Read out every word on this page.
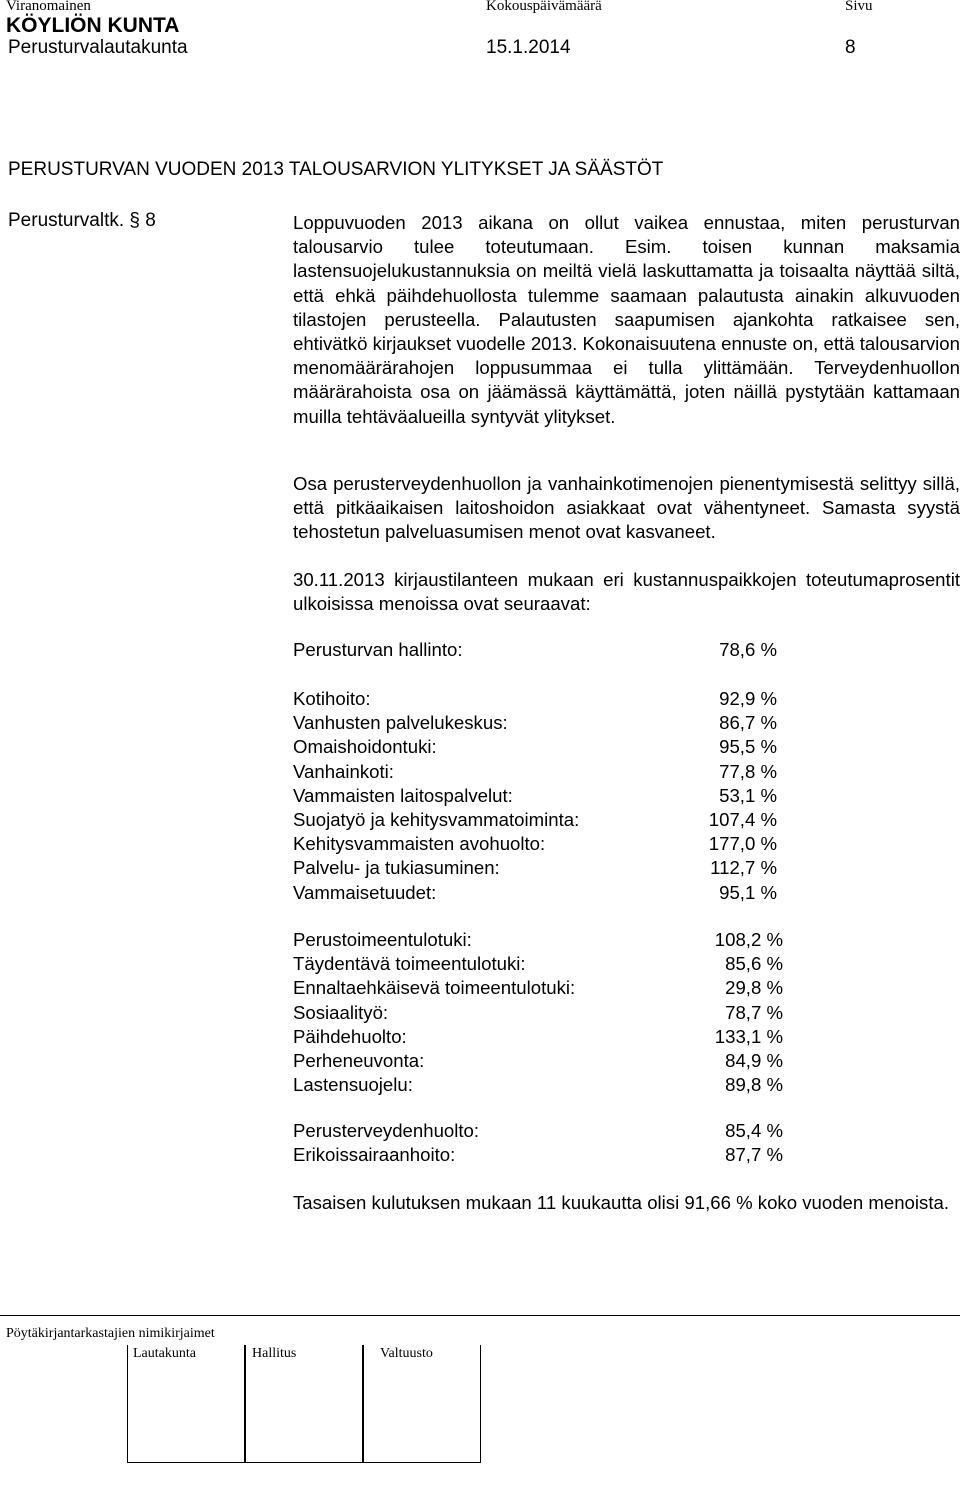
Viranomainen	Kokouspäivämäärä	Sivu
KÖYLIÖN KUNTA
Perusturvalautakunta	15.1.2014	8
PERUSTURVAN VUODEN 2013 TALOUSARVION YLITYKSET JA SÄÄSTÖT
Perusturvaltk. § 8	Loppuvuoden 2013 aikana on ollut vaikea ennustaa, miten perusturvan talousarvio tulee toteutumaan. Esim. toisen kunnan maksamia lastensuojelukustannuksia on meiltä vielä laskuttamatta ja toisaalta näyttää siltä, että ehkä päihdehuollosta tulemme saamaan palautusta ainakin alkuvuoden tilastojen perusteella. Palautusten saapumisen ajankohta ratkaisee sen, ehtivätkö kirjaukset vuodelle 2013. Kokonaisuutena ennuste on, että talousarvion menomäärärahojen loppusummaa ei tulla ylittämään. Terveydenhuollon määrärahoista osa on jäämässä käyttämättä, joten näillä pystytään kattamaan muilla tehtäväalueilla syntyvät ylitykset.
Osa perusterveydenhuollon ja vanhainkotimenojen pienentymisestä selittyy sillä, että pitkäaikaisen laitoshoidon asiakkaat ovat vähentyneet. Samasta syystä tehostetun palveluasumisen menot ovat kasvaneet.
30.11.2013 kirjaustilanteen mukaan eri kustannuspaikkojen toteutumaprosentit ulkoisissa menoissa ovat seuraavat:
Perusturvan hallinto:	78,6 %
Kotihoito:	92,9 %
Vanhusten palvelukeskus:	86,7 %
Omaishoidontuki:	95,5 %
Vanhainkoti:	77,8 %
Vammaisten laitospalvelut:	53,1 %
Suojatyö ja kehitysvammatoiminta:	107,4 %
Kehitysvammaisten avohuolto:	177,0 %
Palvelu- ja tukiasuminen:	112,7 %
Vammaisetuudet:	95,1 %
Perustoimeentulotuki:	108,2 %
Täydentävä toimeentulotuki:	85,6 %
Ennaltaehkäisevä toimeentulotuki:	29,8 %
Sosiaalityö:	78,7 %
Päihdehuolto:	133,1 %
Perheneuvonta:	84,9 %
Lastensuojelu:	89,8 %
Perusterveydenhuolto:	85,4 %
Erikoissairaanhoito:	87,7 %
Tasaisen kulutuksen mukaan 11 kuukautta olisi 91,66 % koko vuoden menoista.
Pöytäkirjantarkastajien nimikirjaimet
Lautakunta	Hallitus	Valtuusto
